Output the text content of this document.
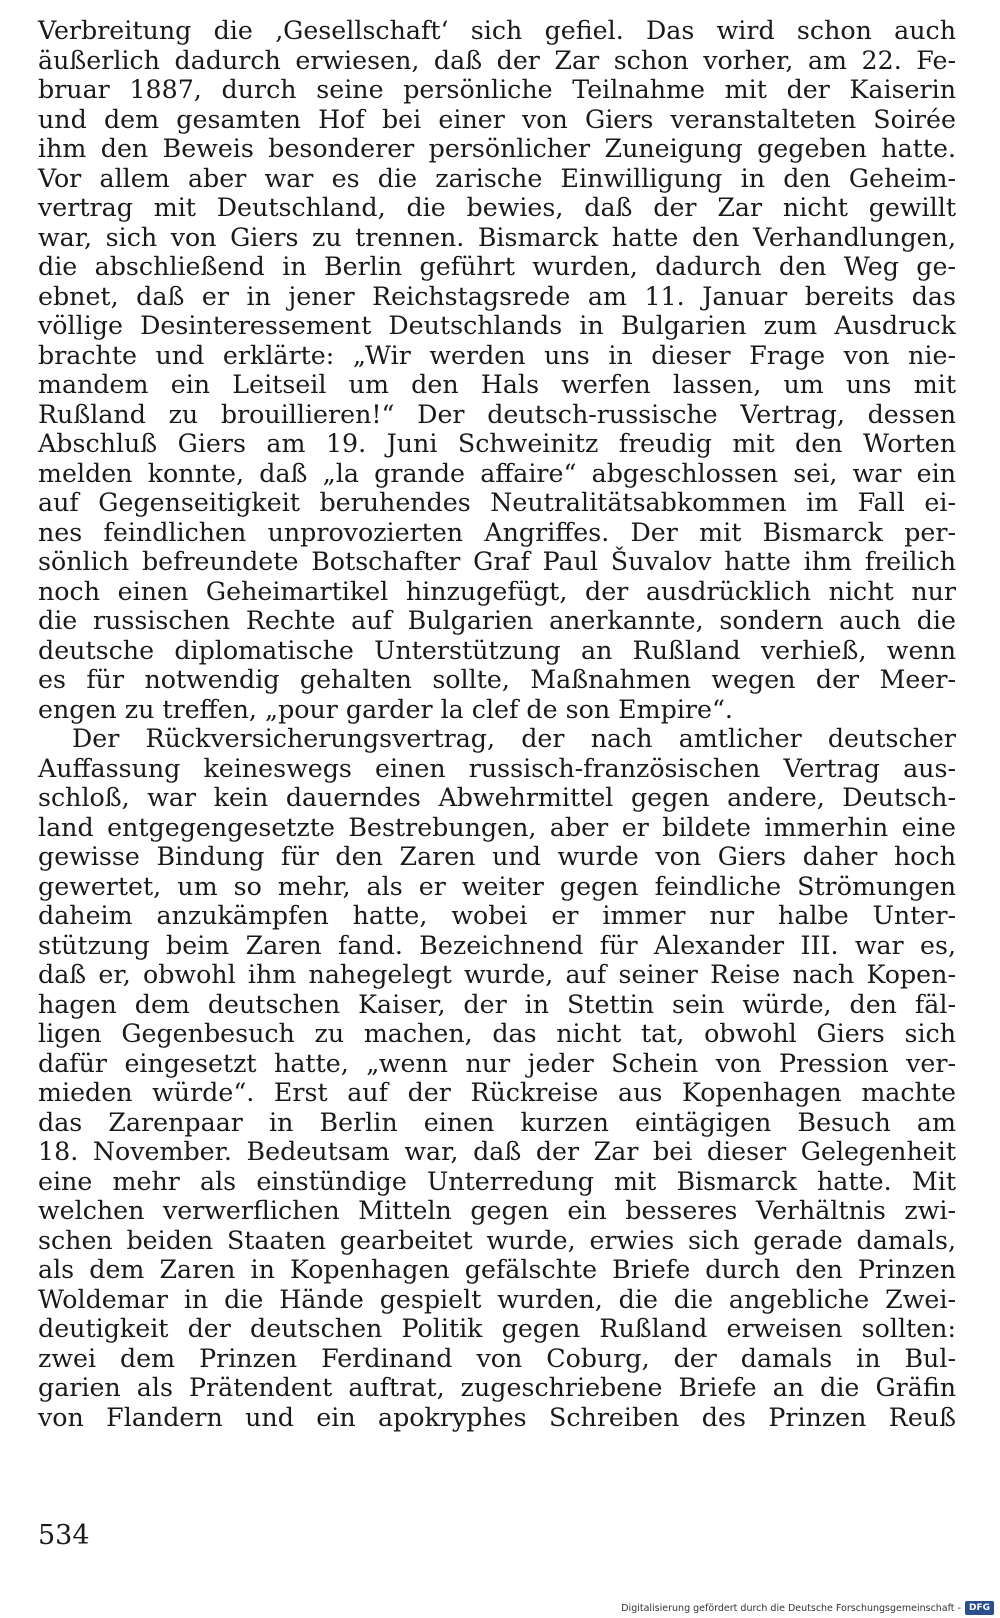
Verbreitung die ‚Gesellschaft‘ sich gefiel. Das wird schon auch
äußerlich dadurch erwiesen, daß der Zar schon vorher, am 22. Fe-
bruar 1887, durch seine persönliche Teilnahme mit der Kaiserin
und dem gesamten Hof bei einer von Giers veranstalteten Soirée
ihm den Beweis besonderer persönlicher Zuneigung gegeben hatte.
Vor allem aber war es die zarische Einwilligung in den Geheim-
vertrag mit Deutschland, die bewies, daß der Zar nicht gewillt
war, sich von Giers zu trennen. Bismarck hatte den Verhandlungen,
die abschließend in Berlin geführt wurden, dadurch den Weg ge-
ebnet, daß er in jener Reichstagsrede am 11. Januar bereits das
völlige Desinteressement Deutschlands in Bulgarien zum Ausdruck
brachte und erklärte: „Wir werden uns in dieser Frage von nie-
mandem ein Leitseil um den Hals werfen lassen, um uns mit
Rußland zu brouillieren!“ Der deutsch-russische Vertrag, dessen
Abschluß Giers am 19. Juni Schweinitz freudig mit den Worten
melden konnte, daß „la grande affaire“ abgeschlossen sei, war ein
auf Gegenseitigkeit beruhendes Neutralitätsabkommen im Fall ei-
nes feindlichen unprovozierten Angriffes. Der mit Bismarck per-
sönlich befreundete Botschafter Graf Paul Šuvalov hatte ihm freilich
noch einen Geheimartikel hinzugefügt, der ausdrücklich nicht nur
die russischen Rechte auf Bulgarien anerkannte, sondern auch die
deutsche diplomatische Unterstützung an Rußland verhieß, wenn
es für notwendig gehalten sollte, Maßnahmen wegen der Meer-
engen zu treffen, „pour garder la clef de son Empire“.
Der Rückversicherungsvertrag, der nach amtlicher deutscher
Auffassung keineswegs einen russisch-französischen Vertrag aus-
schloß, war kein dauerndes Abwehrmittel gegen andere, Deutsch-
land entgegengesetzte Bestrebungen, aber er bildete immerhin eine
gewisse Bindung für den Zaren und wurde von Giers daher hoch
gewertet, um so mehr, als er weiter gegen feindliche Strömungen
daheim anzukämpfen hatte, wobei er immer nur halbe Unter-
stützung beim Zaren fand. Bezeichnend für Alexander III. war es,
daß er, obwohl ihm nahegelegt wurde, auf seiner Reise nach Kopen-
hagen dem deutschen Kaiser, der in Stettin sein würde, den fäl-
ligen Gegenbesuch zu machen, das nicht tat, obwohl Giers sich
dafür eingesetzt hatte, „wenn nur jeder Schein von Pression ver-
mieden würde“. Erst auf der Rückreise aus Kopenhagen machte
das Zarenpaar in Berlin einen kurzen eintägigen Besuch am
18. November. Bedeutsam war, daß der Zar bei dieser Gelegenheit
eine mehr als einstündige Unterredung mit Bismarck hatte. Mit
welchen verwerflichen Mitteln gegen ein besseres Verhältnis zwi-
schen beiden Staaten gearbeitet wurde, erwies sich gerade damals,
als dem Zaren in Kopenhagen gefälschte Briefe durch den Prinzen
Woldemar in die Hände gespielt wurden, die die angebliche Zwei-
deutigkeit der deutschen Politik gegen Rußland erweisen sollten:
zwei dem Prinzen Ferdinand von Coburg, der damals in Bul-
garien als Prätendent auftrat, zugeschriebene Briefe an die Gräfin
von Flandern und ein apokryphes Schreiben des Prinzen Reuß
534
Digitalisierung gefördert durch die Deutsche Forschungsgemeinschaft - DFG
